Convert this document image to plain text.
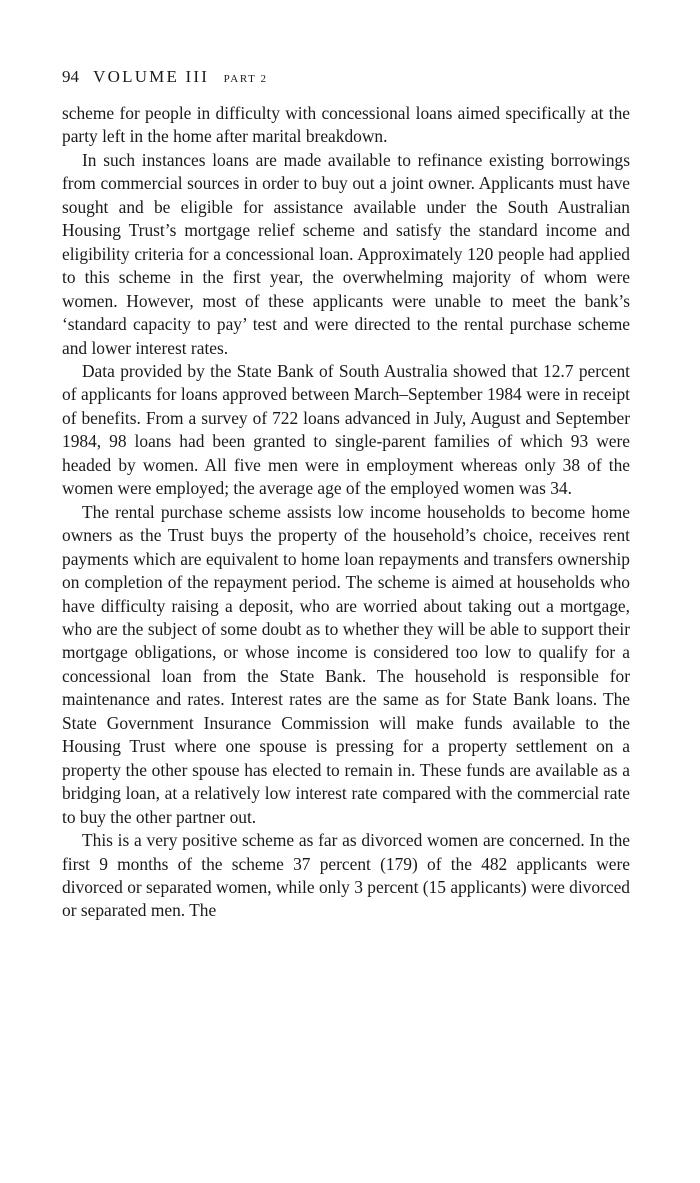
94 VOLUME III PART 2

scheme for people in difficulty with concessional loans aimed specifically at the party left in the home after marital breakdown.

In such instances loans are made available to refinance existing borrowings from commercial sources in order to buy out a joint owner. Applicants must have sought and be eligible for assistance available under the South Australian Housing Trust’s mortgage relief scheme and satisfy the standard income and eligibility criteria for a concessional loan. Approximately 120 people had applied to this scheme in the first year, the overwhelming majority of whom were women. However, most of these applicants were unable to meet the bank’s ‘standard capacity to pay’ test and were directed to the rental purchase scheme and lower interest rates.

Data provided by the State Bank of South Australia showed that 12.7 percent of applicants for loans approved between March–September 1984 were in receipt of benefits. From a survey of 722 loans advanced in July, August and September 1984, 98 loans had been granted to single-parent families of which 93 were headed by women. All five men were in employment whereas only 38 of the women were employed; the average age of the employed women was 34.

The rental purchase scheme assists low income households to become home owners as the Trust buys the property of the household’s choice, receives rent payments which are equivalent to home loan repayments and transfers ownership on completion of the repayment period. The scheme is aimed at households who have difficulty raising a deposit, who are worried about taking out a mortgage, who are the subject of some doubt as to whether they will be able to support their mortgage obligations, or whose income is considered too low to qualify for a concessional loan from the State Bank. The household is responsible for maintenance and rates. Interest rates are the same as for State Bank loans. The State Government Insurance Commission will make funds available to the Housing Trust where one spouse is pressing for a property settlement on a property the other spouse has elected to remain in. These funds are available as a bridging loan, at a relatively low interest rate compared with the commercial rate to buy the other partner out.

This is a very positive scheme as far as divorced women are concerned. In the first 9 months of the scheme 37 percent (179) of the 482 applicants were divorced or separated women, while only 3 percent (15 applicants) were divorced or separated men. The
